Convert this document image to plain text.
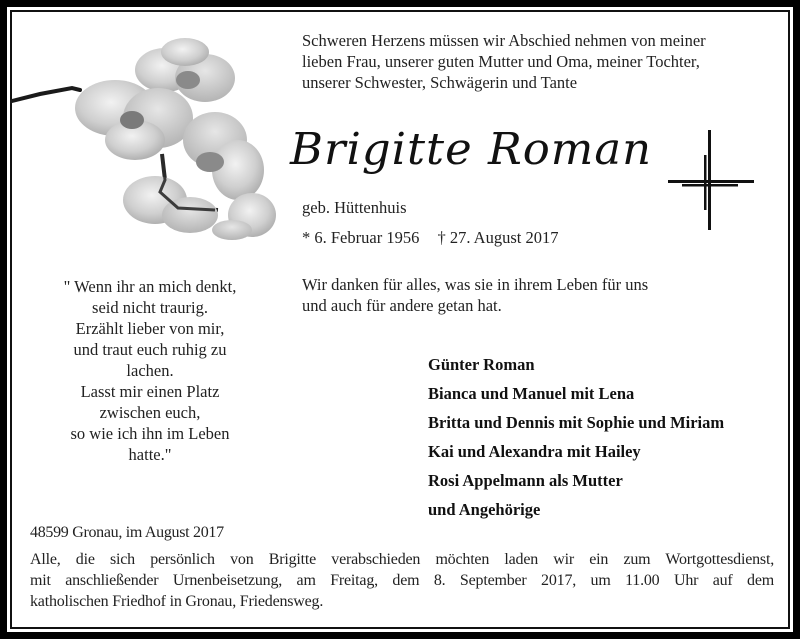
Schweren Herzens müssen wir Abschied nehmen von meiner
lieben Frau, unserer guten Mutter und Oma, meiner Tochter,
unserer Schwester, Schwägerin und Tante
Brigitte Roman
geb. Hüttenhuis
* 6. Februar 1956 † 27. August 2017
" Wenn ihr an mich denkt,
seid nicht traurig.
Erzählt lieber von mir,
und traut euch ruhig zu
lachen.
Lasst mir einen Platz
zwischen euch,
so wie ich ihn im Leben
hatte."
Wir danken für alles, was sie in ihrem Leben für uns
und auch für andere getan hat.
Günter Roman
Bianca und Manuel mit Lena
Britta und Dennis mit Sophie und Miriam
Kai und Alexandra mit Hailey
Rosi Appelmann als Mutter
und Angehörige
48599 Gronau, im August 2017
Alle, die sich persönlich von Brigitte verabschieden möchten laden wir ein zum Wortgottesdienst,
mit anschließender Urnenbeisetzung, am Freitag, dem 8. September 2017, um 11.00 Uhr auf dem
katholischen Friedhof in Gronau, Friedensweg.
